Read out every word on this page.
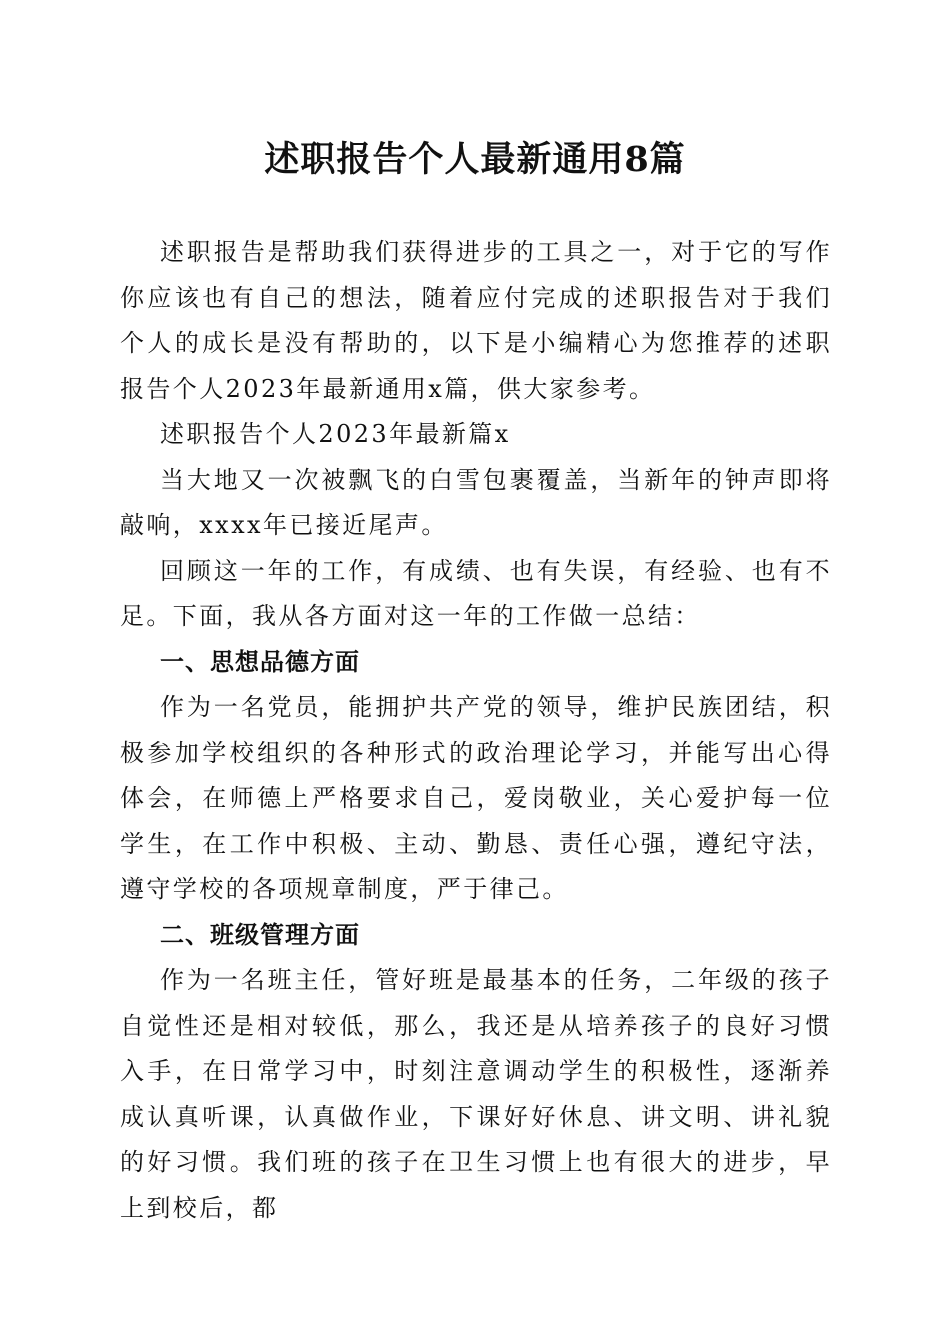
述职报告个人最新通用8篇

述职报告是帮助我们获得进步的工具之一，对于它的写作你应该也有自己的想法，随着应付完成的述职报告对于我们个人的成长是没有帮助的，以下是小编精心为您推荐的述职报告个人2023年最新通用x篇，供大家参考。

述职报告个人2023年最新篇x

当大地又一次被飘飞的白雪包裹覆盖，当新年的钟声即将敲响，xxxx年已接近尾声。

回顾这一年的工作，有成绩、也有失误，有经验、也有不足。下面，我从各方面对这一年的工作做一总结：

一、思想品德方面

作为一名党员，能拥护共产党的领导，维护民族团结，积极参加学校组织的各种形式的政治理论学习，并能写出心得体会，在师德上严格要求自己，爱岗敬业，关心爱护每一位学生，在工作中积极、主动、勤恳、责任心强，遵纪守法，遵守学校的各项规章制度，严于律己。

二、班级管理方面

作为一名班主任，管好班是最基本的任务，二年级的孩子自觉性还是相对较低，那么，我还是从培养孩子的良好习惯入手，在日常学习中，时刻注意调动学生的积极性，逐渐养成认真听课，认真做作业，下课好好休息、讲文明、讲礼貌的好习惯。我们班的孩子在卫生习惯上也有很大的进步，早上到校后，都
